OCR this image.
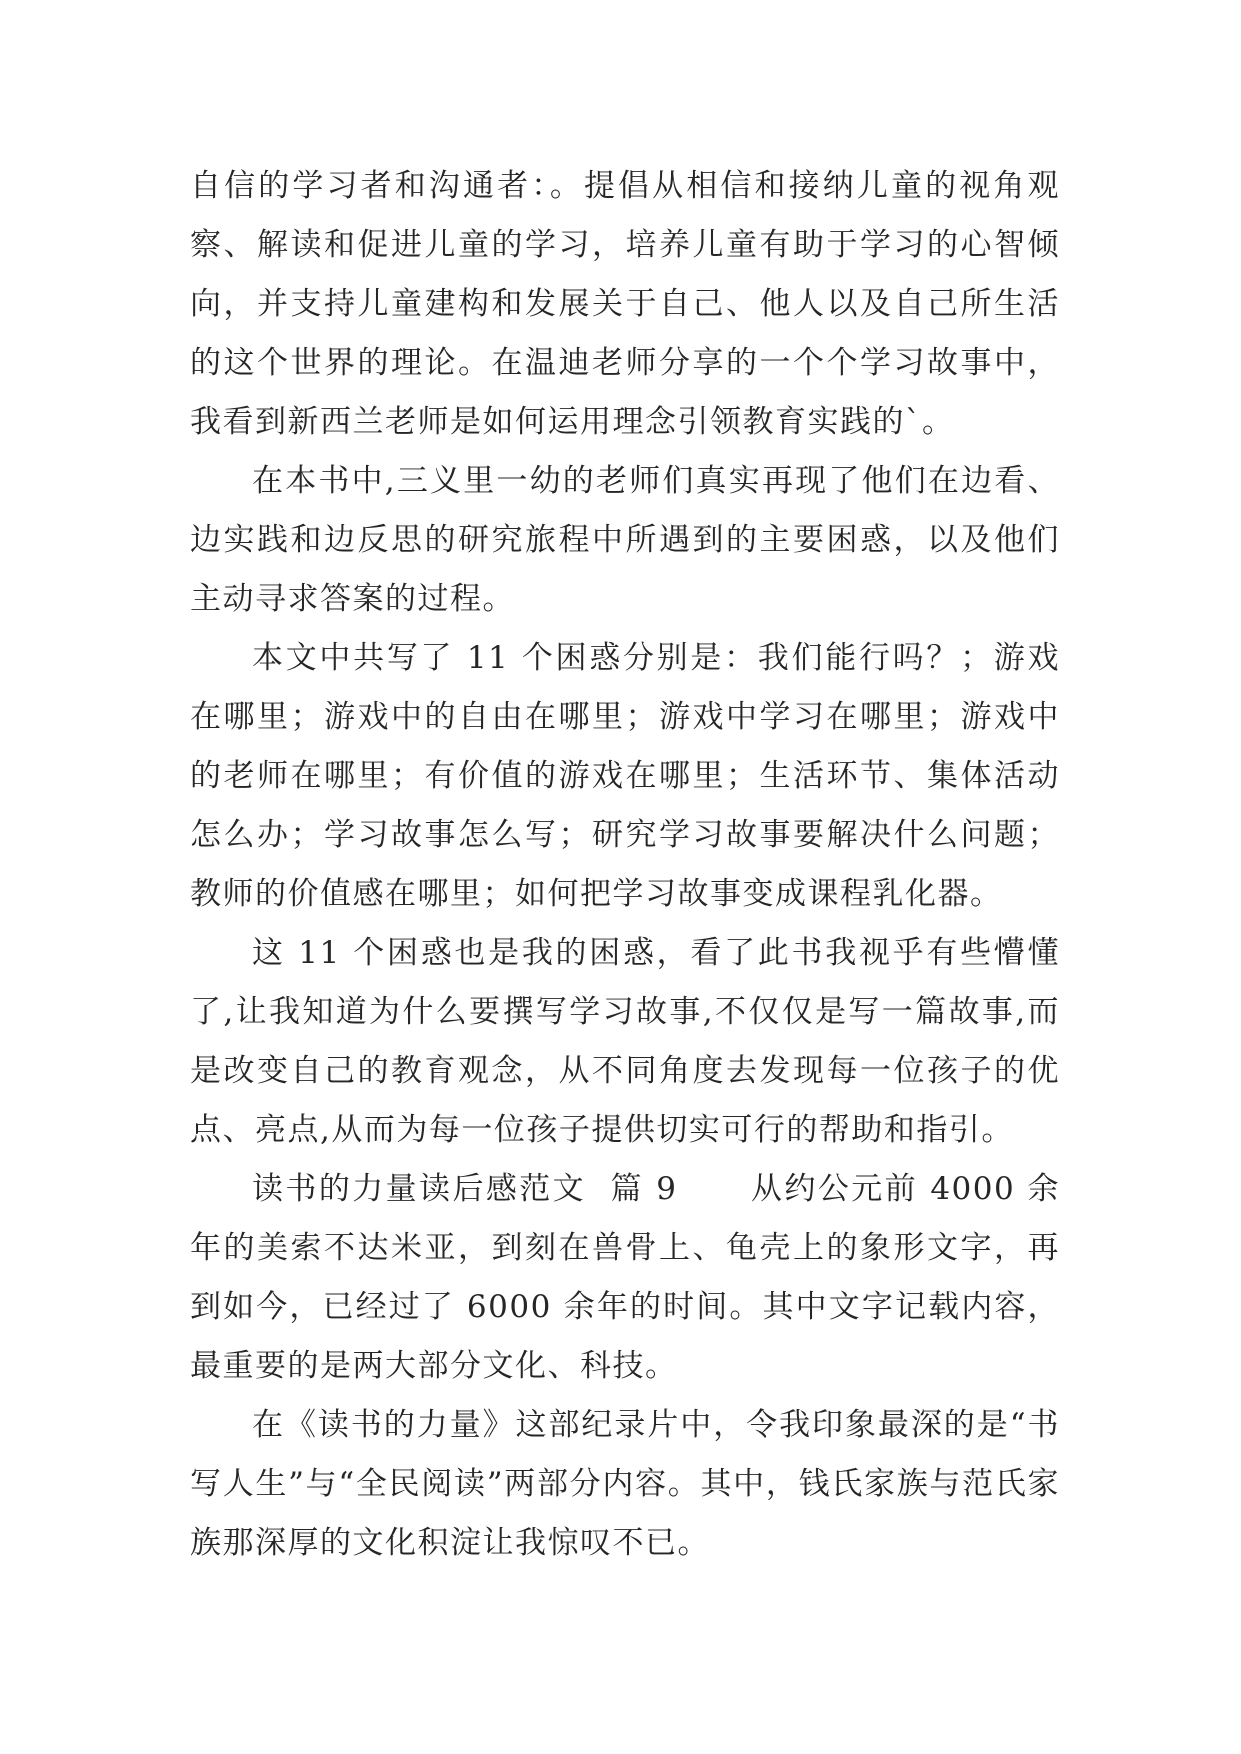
自信的学习者和沟通者：。提倡从相信和接纳儿童的视角观察、解读和促进儿童的学习，培养儿童有助于学习的心智倾向，并支持儿童建构和发展关于自己、他人以及自己所生活的这个世界的理论。在温迪老师分享的一个个学习故事中，我看到新西兰老师是如何运用理念引领教育实践的`。

在本书中,三义里一幼的老师们真实再现了他们在边看、边实践和边反思的研究旅程中所遇到的主要困惑，以及他们主动寻求答案的过程。

本文中共写了 11 个困惑分别是：我们能行吗？；游戏在哪里；游戏中的自由在哪里；游戏中学习在哪里；游戏中的老师在哪里；有价值的游戏在哪里；生活环节、集体活动怎么办；学习故事怎么写；研究学习故事要解决什么问题；教师的价值感在哪里；如何把学习故事变成课程乳化器。

这 11 个困惑也是我的困惑，看了此书我视乎有些懵懂了,让我知道为什么要撰写学习故事,不仅仅是写一篇故事,而是改变自己的教育观念，从不同角度去发现每一位孩子的优点、亮点,从而为每一位孩子提供切实可行的帮助和指引。

读书的力量读后感范文  篇 9      从约公元前 4000 余年的美索不达米亚，到刻在兽骨上、龟壳上的象形文字，再到如今，已经过了 6000 余年的时间。其中文字记载内容，最重要的是两大部分文化、科技。

在《读书的力量》这部纪录片中，令我印象最深的是“书写人生”与“全民阅读”两部分内容。其中，钱氏家族与范氏家族那深厚的文化积淀让我惊叹不已。
